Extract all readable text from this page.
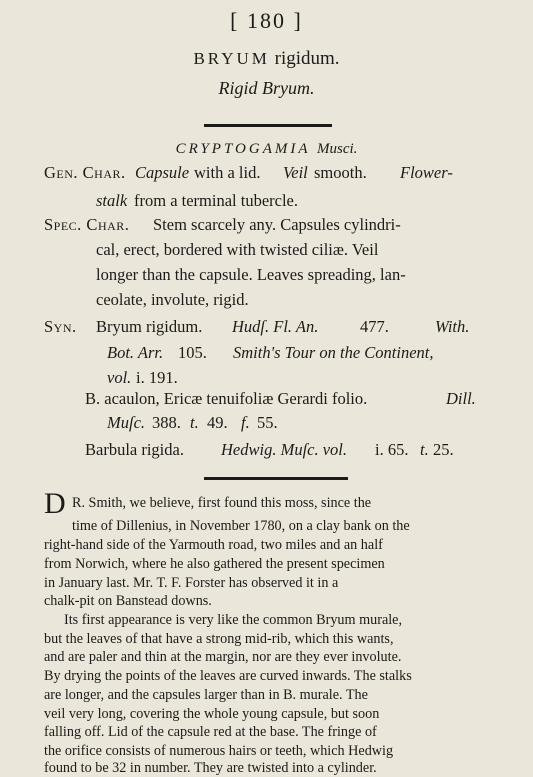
[ 180 ]
BRYUM rigidum.
Rigid Bryum.
CRYPTOGAMIA Musci.
Gen. Char. Capsule with a lid. Veil smooth. Flower-
stalk from a terminal tubercle.
Spec. Char. Stem scarcely any. Capsules cylindri-
cal, erect, bordered with twisted ciliæ. Veil
longer than the capsule. Leaves spreading, lan-
ceolate, involute, rigid.
Syn. Bryum rigidum. Hudſ. Fl. An.	477.	With.
Bot. Arr. 105. Smith's Tour on the Continent,
vol. i. 191.
B. acaulon, Ericæ tenuifoliæ Gerardi folio.	Dill.
Muſc. 388. t. 49. f. 55.
Barbula rigida. Hedwig. Muſc. vol. i. 65. t. 25.
D R. Smith, we believe, first found this moss, since the
time of Dillenius, in November 1780, on a clay bank on the
right-hand side of the Yarmouth road, two miles and an half
from Norwich, where he also gathered the present specimen
in January last. Mr. T. F. Forster has observed it in a
chalk-pit on Banstead downs.
Its first appearance is very like the common Bryum murale,
but the leaves of that have a strong mid-rib, which this wants,
and are paler and thin at the margin, nor are they ever involute.
By drying the points of the leaves are curved inwards. The stalks
are longer, and the capsules larger than in B. murale. The
veil very long, covering the whole young capsule, but soon
falling off. Lid of the capsule red at the base. The fringe of
the orifice consists of numerous hairs or teeth, which Hedwig
found to be 32 in number. They are twisted into a cylinder.
